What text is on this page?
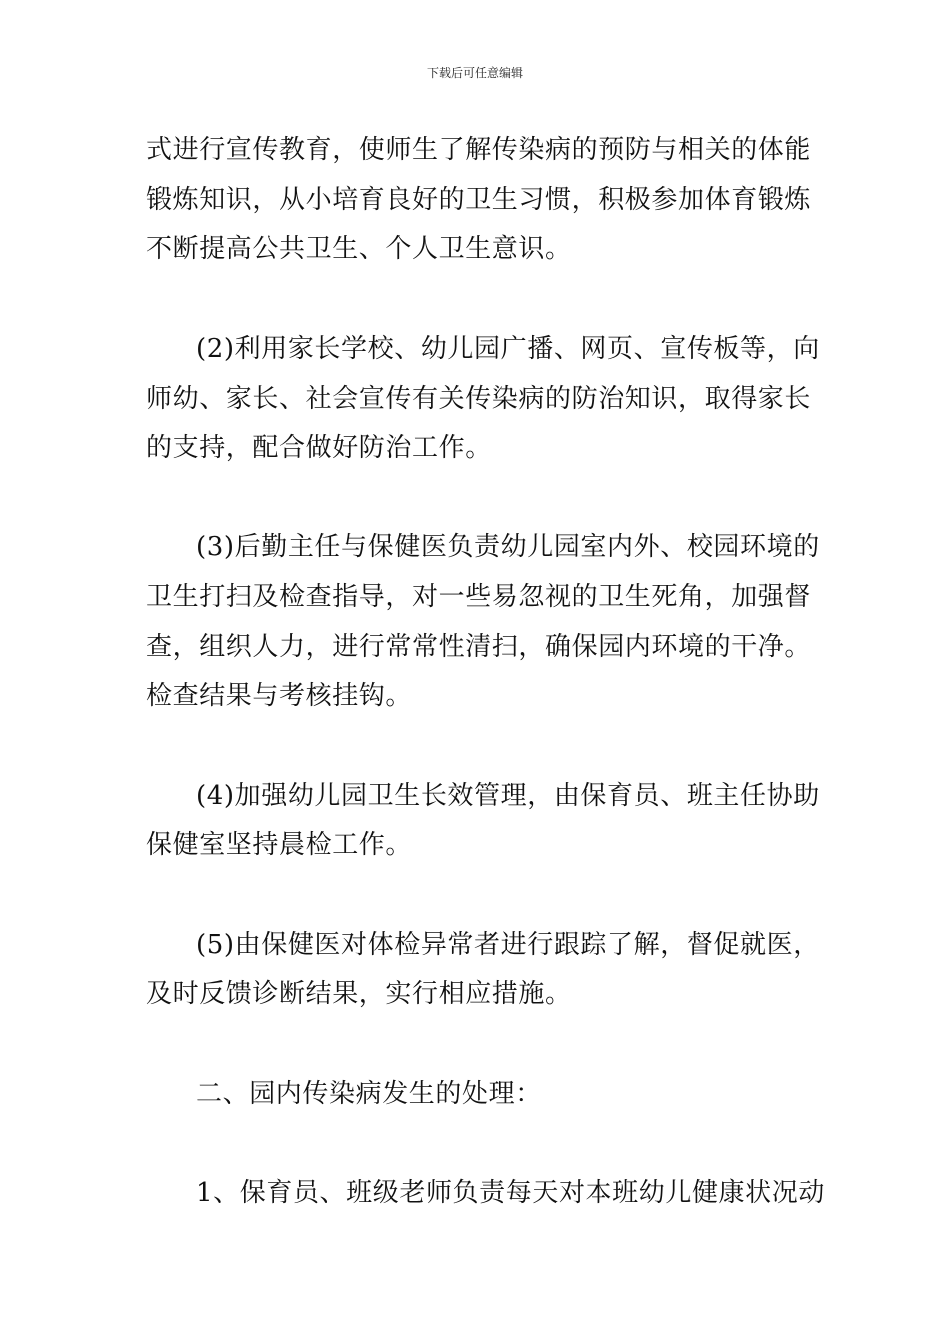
下载后可任意编辑
式进行宣传教育，使师生了解传染病的预防与相关的体能
锻炼知识，从小培育良好的卫生习惯，积极参加体育锻炼
不断提高公共卫生、个人卫生意识。
(2)利用家长学校、幼儿园广播、网页、宣传板等，向
师幼、家长、社会宣传有关传染病的防治知识，取得家长
的支持，配合做好防治工作。
(3)后勤主任与保健医负责幼儿园室内外、校园环境的
卫生打扫及检查指导，对一些易忽视的卫生死角，加强督
查，组织人力，进行常常性清扫，确保园内环境的干净。
检查结果与考核挂钩。
(4)加强幼儿园卫生长效管理，由保育员、班主任协助
保健室坚持晨检工作。
(5)由保健医对体检异常者进行跟踪了解，督促就医，
及时反馈诊断结果，实行相应措施。
二、园内传染病发生的处理：
1、保育员、班级老师负责每天对本班幼儿健康状况动
